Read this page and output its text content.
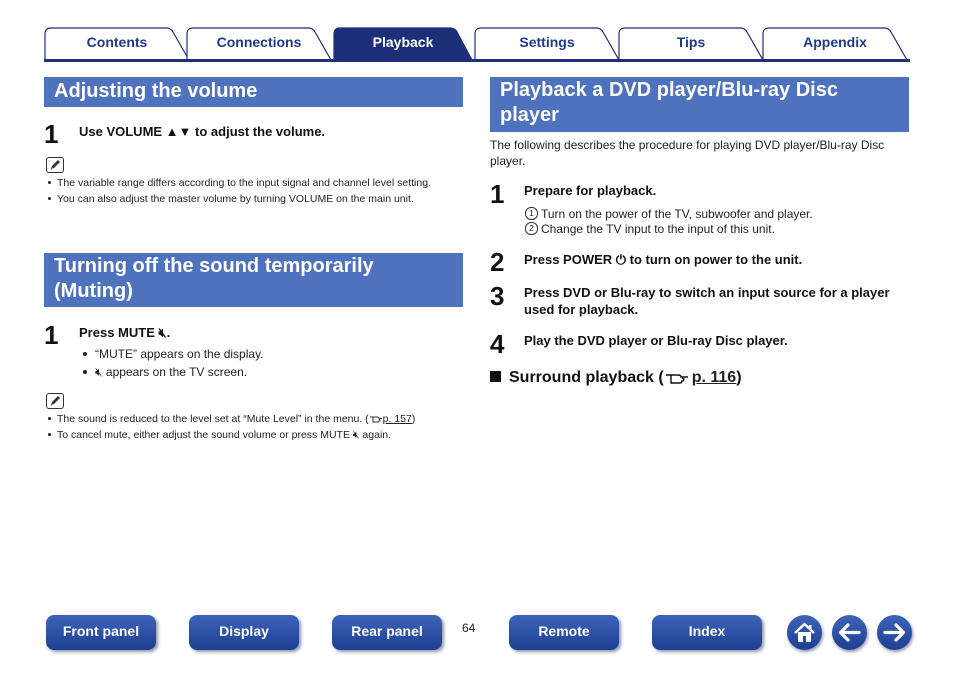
Contents	Connections	Playback	Settings	Tips	Appendix
Adjusting the volume
1 Use VOLUME ▲▼ to adjust the volume.
The variable range differs according to the input signal and channel level setting.
You can also adjust the master volume by turning VOLUME on the main unit.
Turning off the sound temporarily
(Muting)
1 Press MUTE 🔇︎.
“MUTE” appears on the display.
🔇︎ appears on the TV screen.
The sound is reduced to the level set at “Mute Level” in the menu. ( p. 157)
To cancel mute, either adjust the sound volume or press MUTE 🔇︎ again.
Playback a DVD player/Blu-ray Disc
player
The following describes the procedure for playing DVD player/Blu-ray Disc player.
1 Prepare for playback.
1 Turn on the power of the TV, subwoofer and player.
2 Change the TV input to the input of this unit.
2 Press POWER ⏻ to turn on power to the unit.
3 Press DVD or Blu-ray to switch an input source for a player used for playback.
4 Play the DVD player or Blu-ray Disc player.
Surround playback ( p. 116)
Front panel	Display	Rear panel	64	Remote	Index
